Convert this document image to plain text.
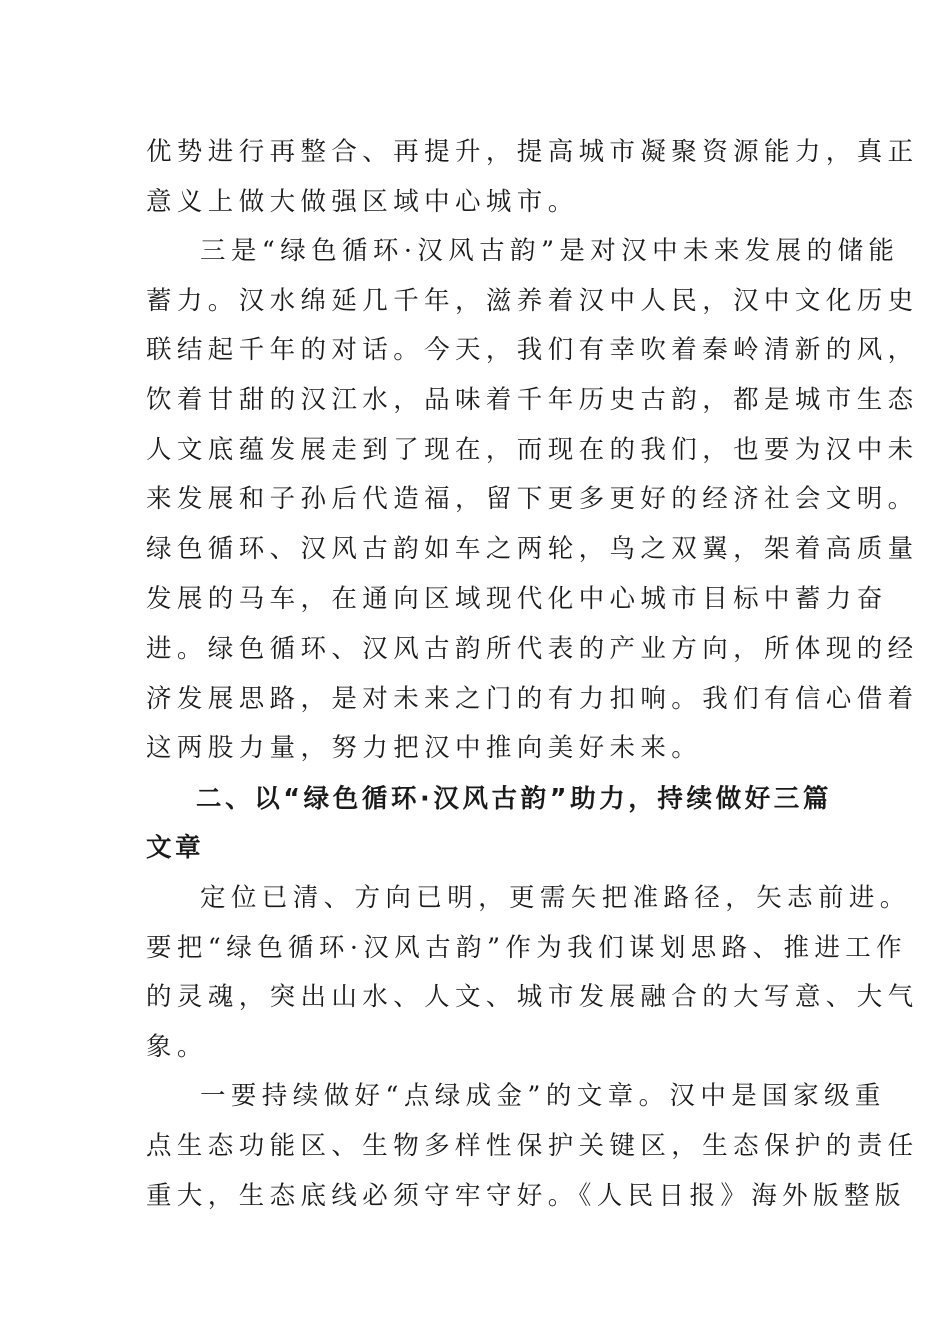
优势进行再整合、再提升，提高城市凝聚资源能力，真正
意义上做大做强区域中心城市。
三是“绿色循环·汉风古韵”是对汉中未来发展的储能
蓄力。汉水绵延几千年，滋养着汉中人民，汉中文化历史
联结起千年的对话。今天，我们有幸吹着秦岭清新的风，
饮着甘甜的汉江水，品味着千年历史古韵，都是城市生态
人文底蕴发展走到了现在，而现在的我们，也要为汉中未
来发展和子孙后代造福，留下更多更好的经济社会文明。
绿色循环、汉风古韵如车之两轮，鸟之双翼，架着高质量
发展的马车，在通向区域现代化中心城市目标中蓄力奋
进。绿色循环、汉风古韵所代表的产业方向，所体现的经
济发展思路，是对未来之门的有力扣响。我们有信心借着
这两股力量，努力把汉中推向美好未来。
二、以“绿色循环·汉风古韵”助力，持续做好三篇
文章
定位已清、方向已明，更需矢把准路径，矢志前进。
要把“绿色循环·汉风古韵”作为我们谋划思路、推进工作
的灵魂，突出山水、人文、城市发展融合的大写意、大气
象。
一要持续做好“点绿成金”的文章。汉中是国家级重
点生态功能区、生物多样性保护关键区，生态保护的责任
重大，生态底线必须守牢守好。《人民日报》海外版整版
